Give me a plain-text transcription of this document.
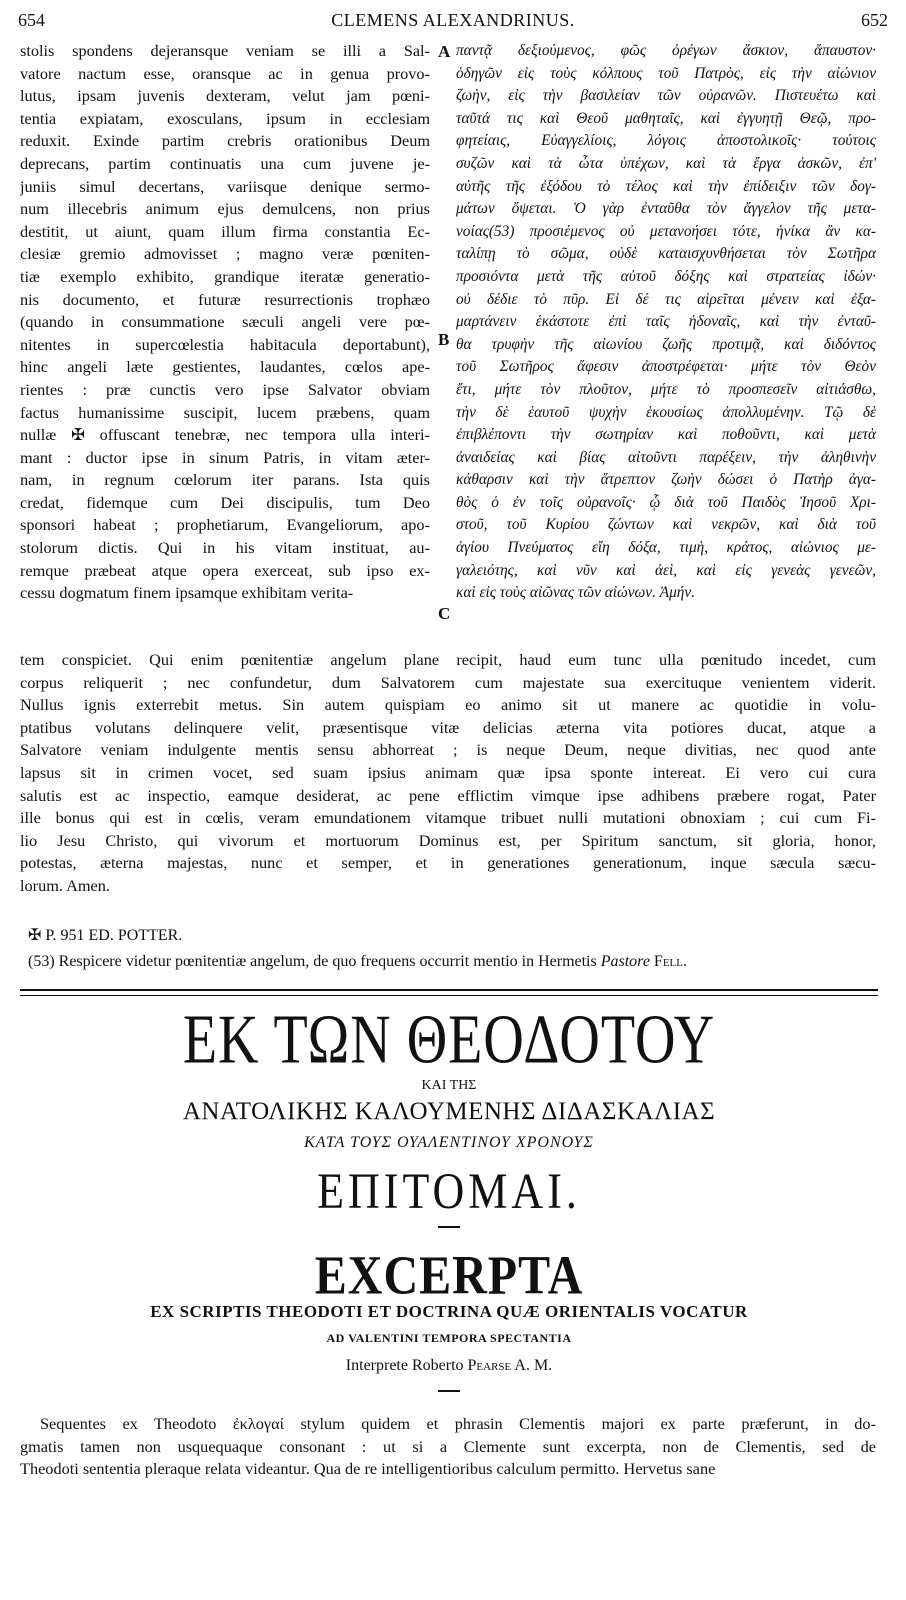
654	CLEMENS ALEXANDRINUS.	652
stolis spondens dejeransque veniam se illi a Sal-
vatore nactum esse, oransque ac in genua provo-
lutus, ipsam juvenis dexteram, velut jam pœni-
tentia expiatam, exosculans, ipsum in ecclesiam
reduxit. Exinde partim crebris orationibus Deum
deprecans, partim continuatis una cum juvene je-
juniis simul decertans, variisque denique sermo-
num illecebris animum ejus demulcens, non prius
destitit, ut aiunt, quam illum firma constantia Ec-
clesiæ gremio admovisset ; magno veræ pœniten-
tiæ exemplo exhibito, grandique iteratæ generatio-
nis documento, et futuræ resurrectionis trophæo
(quando in consummatione sæculi angeli vere pœ-
nitentes in supercœlestia habitacula deportabunt),
hinc angeli læte gestientes, laudantes, cœlos ape-
rientes : præ cunctis vero ipse Salvator obviam
factus humanissime suscipit, lucem præbens, quam
nullæ ✠ offuscant tenebræ, nec tempora ulla interi-
mant : ductor ipse in sinum Patris, in vitam æter-
nam, in regnum cœlorum iter parans. Ista quis
credat, fidemque cum Dei discipulis, tum Deo
sponsori habeat ; prophetiarum, Evangeliorum, apo-
stolorum dictis. Qui in his vitam instituat, au-
remque præbeat atque opera exerceat, sub ipso ex-
cessu dogmatum finem ipsamque exhibitam verita-
A
B
C
παντᾷ δεξιούμενος, φῶς ὀρέγων ἄσκιον, ἄπαυστον·
ὁδηγῶν εἰς τοὺς κόλπους τοῦ Πατρὸς, εἰς τὴν αἰώνιον
ζωὴν, εἰς τὴν βασιλείαν τῶν οὐρανῶν. Πιστευέτω καὶ
ταῦτά τις καὶ Θεοῦ μαθηταῖς, καὶ ἐγγυητῇ Θεῷ, προ-
φητείαις, Εὐαγγελίοις, λόγοις ἀποστολικοῖς· τούτοις
συζῶν καὶ τὰ ὦτα ὑπέχων, καὶ τὰ ἔργα ἀσκῶν, ἐπ'
αὐτῆς τῆς ἐξόδου τὸ τέλος καὶ τὴν ἐπίδειξιν τῶν δογ-
μάτων ὄψεται. Ὁ γὰρ ἐνταῦθα τὸν ἄγγελον τῆς μετα-
νοίας(53) προσιέμενος οὐ μετανοήσει τότε, ἡνίκα ἂν κα-
ταλίπῃ τὸ σῶμα, οὐδὲ καταισχυνθήσεται τὸν Σωτῆρα
προσιόντα μετὰ τῆς αὐτοῦ δόξης καὶ στρατείας ἰδών·
οὐ δέδιε τὸ πῦρ. Εἰ δέ τις αἱρεῖται μένειν καὶ ἐξα-
μαρτάνειν ἑκάστοτε ἐπὶ ταῖς ἡδοναῖς, καὶ τὴν ἐνταῦ-
θα τρυφὴν τῆς αἰωνίου ζωῆς προτιμᾷ, καὶ διδόντος
τοῦ Σωτῆρος ἄφεσιν ἀποστρέφεται· μήτε τὸν Θεὸν
ἔτι, μήτε τὸν πλοῦτον, μήτε τὸ προσπεσεῖν αἰτιάσθω,
τὴν δὲ ἑαυτοῦ ψυχὴν ἑκουσίως ἀπολλυμένην. Τῷ δὲ
ἐπιβλέποντι τὴν σωτηρίαν καὶ ποθοῦντι, καὶ μετὰ
ἀναιδείας καὶ βίας αἰτοῦντι παρέξειν, τὴν ἀληθινὴν
κάθαρσιν καὶ τὴν ἄτρεπτον ζωὴν δώσει ὁ Πατὴρ ἀγα-
θὸς ὁ ἐν τοῖς οὐρανοῖς· ᾧ διὰ τοῦ Παιδὸς Ἰησοῦ Χρι-
στοῦ, τοῦ Κυρίου ζώντων καὶ νεκρῶν, καὶ διὰ τοῦ
ἁγίου Πνεύματος εἴη δόξα, τιμὴ, κράτος, αἰώνιος με-
γαλειότης, καὶ νῦν καὶ ἀεὶ, καὶ εἰς γενεὰς γενεῶν,
καὶ εἰς τοὺς αἰῶνας τῶν αἰώνων. Ἀμήν.
tem conspiciet. Qui enim pœnitentiæ angelum plane recipit, haud eum tunc ulla pœnitudo incedet, cum
corpus reliquerit ; nec confundetur, dum Salvatorem cum majestate sua exercituque venientem viderit.
Nullus ignis exterrebit metus. Sin autem quispiam eo animo sit ut manere ac quotidie in volu-
ptatibus volutans delinquere velit, præsentisque vitæ delicias æterna vita potiores ducat, atque a
Salvatore veniam indulgente mentis sensu abhorreat ; is neque Deum, neque divitias, nec quod ante
lapsus sit in crimen vocet, sed suam ipsius animam quæ ipsa sponte intereat. Ei vero cui cura
salutis est ac inspectio, eamque desiderat, ac pene efflictim vimque ipse adhibens præbere rogat, Pater
ille bonus qui est in cœlis, veram emundationem vitamque tribuet nulli mutationi obnoxiam ; cui cum Fi-
lio Jesu Christo, qui vivorum et mortuorum Dominus est, per Spiritum sanctum, sit gloria, honor,
potestas, æterna majestas, nunc et semper, et in generationes generationum, inque sæcula sæcu-
lorum. Amen.
✠ P. 951 ED. POTTER.
(53) Respicere videtur pœnitentiæ angelum, de quo frequens occurrit mentio in Hermetis Pastore Fell.
ΕΚ ΤΩΝ ΘΕΟΔΟΤΟΥ
ΚΑΙ ΤΗΣ
ΑΝΑΤΟΛΙΚΗΣ ΚΑΛΟΥΜΕΝΗΣ ΔΙΔΑΣΚΑΛΙΑΣ
ΚΑΤΑ ΤΟΥΣ ΟΥΑΛΕΝΤΙΝΟΥ ΧΡΟΝΟΥΣ
ΕΠΙΤΟΜΑΙ.
EXCERPTA
EX SCRIPTIS THEODOTI ET DOCTRINA QUÆ ORIENTALIS VOCATUR
AD VALENTINI TEMPORA SPECTANTIA
Interprete Roberto Pearse A. M.
Sequentes ex Theodoto ἐκλογαί stylum quidem et phrasin Clementis majori ex parte præferunt, in do-
gmatis tamen non usquequaque consonant : ut si a Clemente sunt excerpta, non de Clementis, sed de
Theodoti sententia pleraque relata videantur. Qua de re intelligentioribus calculum permitto. Hervetus sane
